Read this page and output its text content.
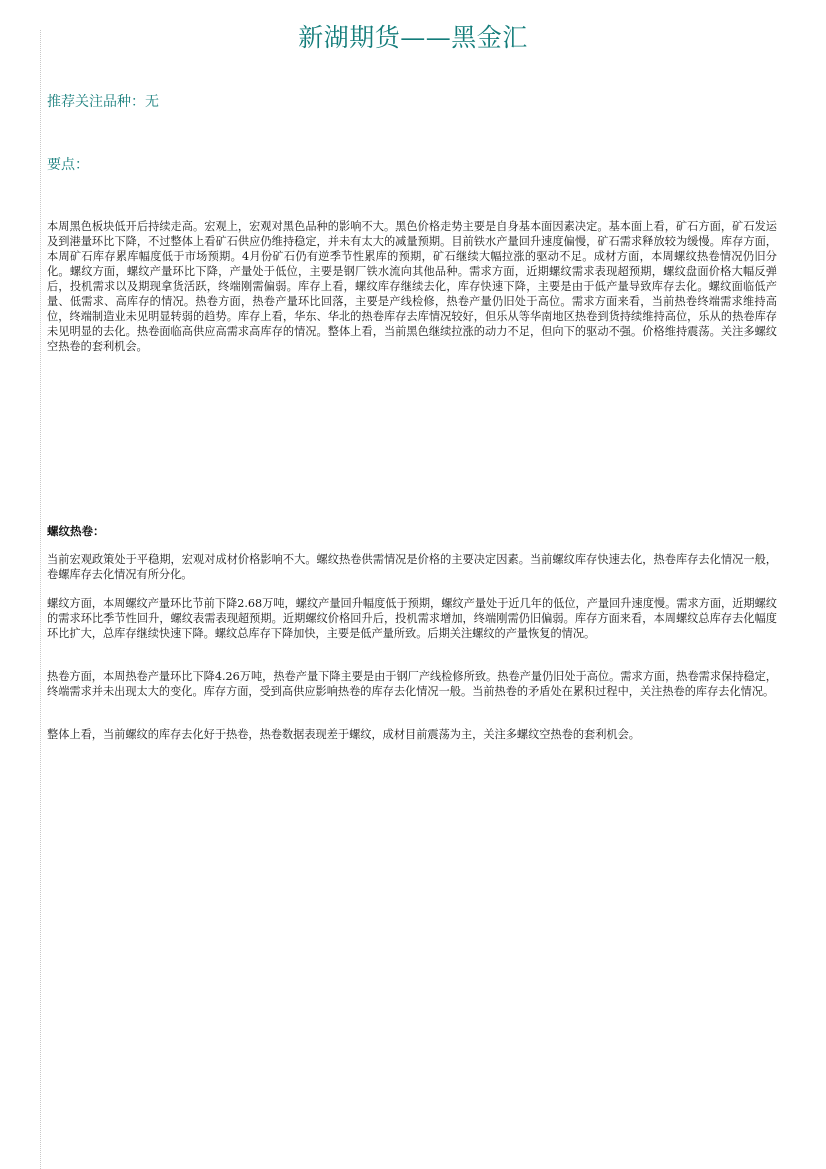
新湖期货——黑金汇
推荐关注品种：无
要点：

本周黑色板块低开后持续走高。宏观上，宏观对黑色品种的影响不大。黑色价格走势主要是自身基本面因素决定。基本面上看，矿石方面，矿石发运及到港量环比下降，不过整体上看矿石供应仍维持稳定，并未有太大的减量预期。目前铁水产量回升速度偏慢，矿石需求释放较为缓慢。库存方面，本周矿石库存累库幅度低于市场预期。4月份矿石仍有逆季节性累库的预期，矿石继续大幅拉涨的驱动不足。成材方面，本周螺纹热卷情况仍旧分化。螺纹方面，螺纹产量环比下降，产量处于低位，主要是钢厂铁水流向其他品种。需求方面，近期螺纹需求表现超预期，螺纹盘面价格大幅反弹后，投机需求以及期现拿货活跃，终端刚需偏弱。库存上看，螺纹库存继续去化，库存快速下降，主要是由于低产量导致库存去化。螺纹面临低产量、低需求、高库存的情况。热卷方面，热卷产量环比回落，主要是产线检修，热卷产量仍旧处于高位。需求方面来看，当前热卷终端需求维持高位，终端制造业未见明显转弱的趋势。库存上看，华东、华北的热卷库存去库情况较好，但乐从等华南地区热卷到货持续维持高位，乐从的热卷库存未见明显的去化。热卷面临高供应高需求高库存的情况。整体上看，当前黑色继续拉涨的动力不足，但向下的驱动不强。价格维持震荡。关注多螺纹空热卷的套利机会。

螺纹热卷：

当前宏观政策处于平稳期，宏观对成材价格影响不大。螺纹热卷供需情况是价格的主要决定因素。当前螺纹库存快速去化，热卷库存去化情况一般，卷螺库存去化情况有所分化。

螺纹方面，本周螺纹产量环比节前下降2.68万吨，螺纹产量回升幅度低于预期，螺纹产量处于近几年的低位，产量回升速度慢。需求方面，近期螺纹的需求环比季节性回升，螺纹表需表现超预期。近期螺纹价格回升后，投机需求增加，终端刚需仍旧偏弱。库存方面来看，本周螺纹总库存去化幅度环比扩大，总库存继续快速下降。螺纹总库存下降加快，主要是低产量所致。后期关注螺纹的产量恢复的情况。

热卷方面，本周热卷产量环比下降4.26万吨，热卷产量下降主要是由于钢厂产线检修所致。热卷产量仍旧处于高位。需求方面，热卷需求保持稳定，终端需求并未出现太大的变化。库存方面，受到高供应影响热卷的库存去化情况一般。当前热卷的矛盾处在累积过程中，关注热卷的库存去化情况。

整体上看，当前螺纹的库存去化好于热卷，热卷数据表现差于螺纹，成材目前震荡为主，关注多螺纹空热卷的套利机会。
